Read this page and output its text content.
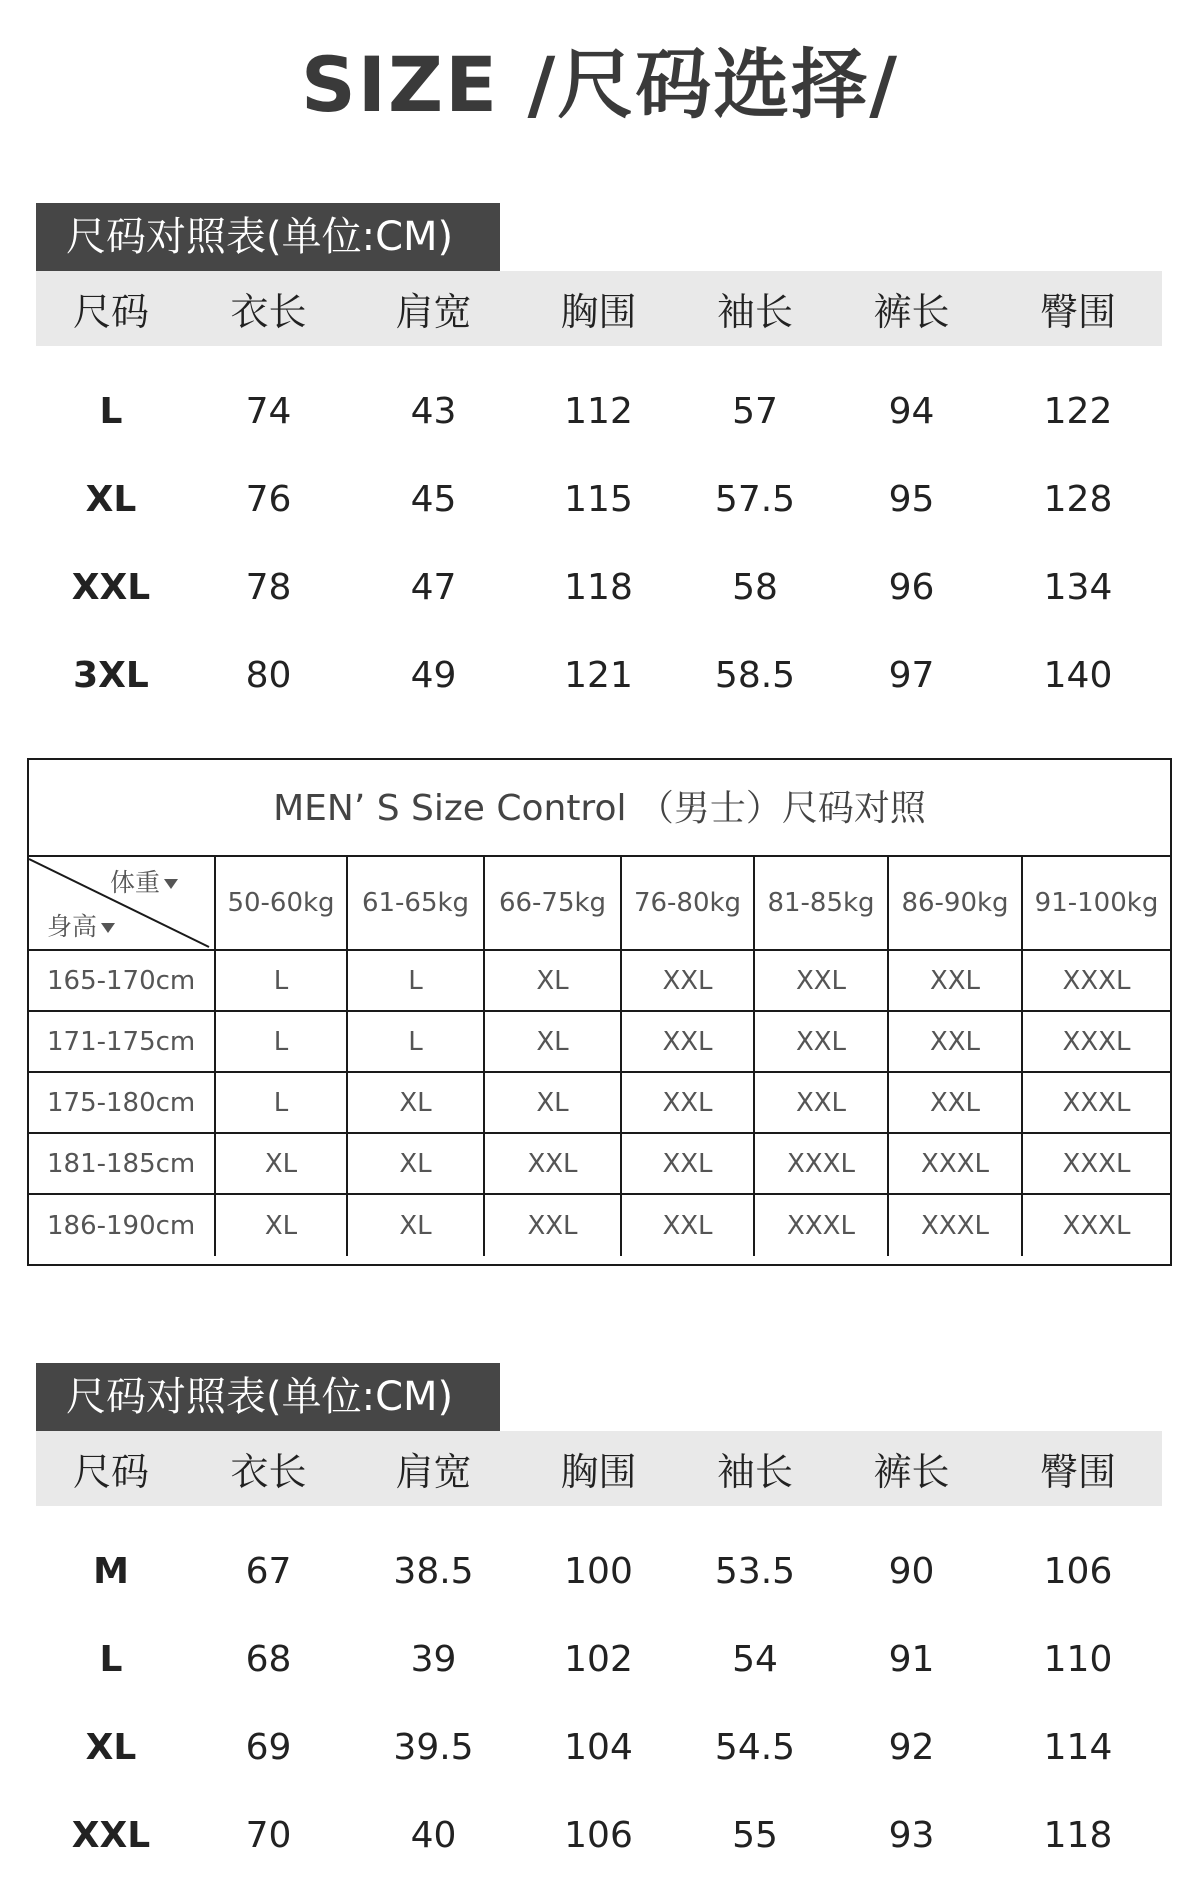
SIZE /尺码选择/
尺码对照表(单位:CM)
尺码	衣长	肩宽	胸围	袖长	裤长	臀围
L	74	43	112	57	94	122
XL	76	45	115	57.5	95	128
XXL	78	47	118	58	96	134
3XL	80	49	121	58.5	97	140
MEN’ S Size Control （男士）尺码对照
体重
身高
50-60kg	61-65kg	66-75kg	76-80kg	81-85kg	86-90kg	91-100kg
165-170cm	L	L	XL	XXL	XXL	XXL	XXXL
171-175cm	L	L	XL	XXL	XXL	XXL	XXXL
175-180cm	L	XL	XL	XXL	XXL	XXL	XXXL
181-185cm	XL	XL	XXL	XXL	XXXL	XXXL	XXXL
186-190cm	XL	XL	XXL	XXL	XXXL	XXXL	XXXL
尺码对照表(单位:CM)
尺码	衣长	肩宽	胸围	袖长	裤长	臀围
M	67	38.5	100	53.5	90	106
L	68	39	102	54	91	110
XL	69	39.5	104	54.5	92	114
XXL	70	40	106	55	93	118
